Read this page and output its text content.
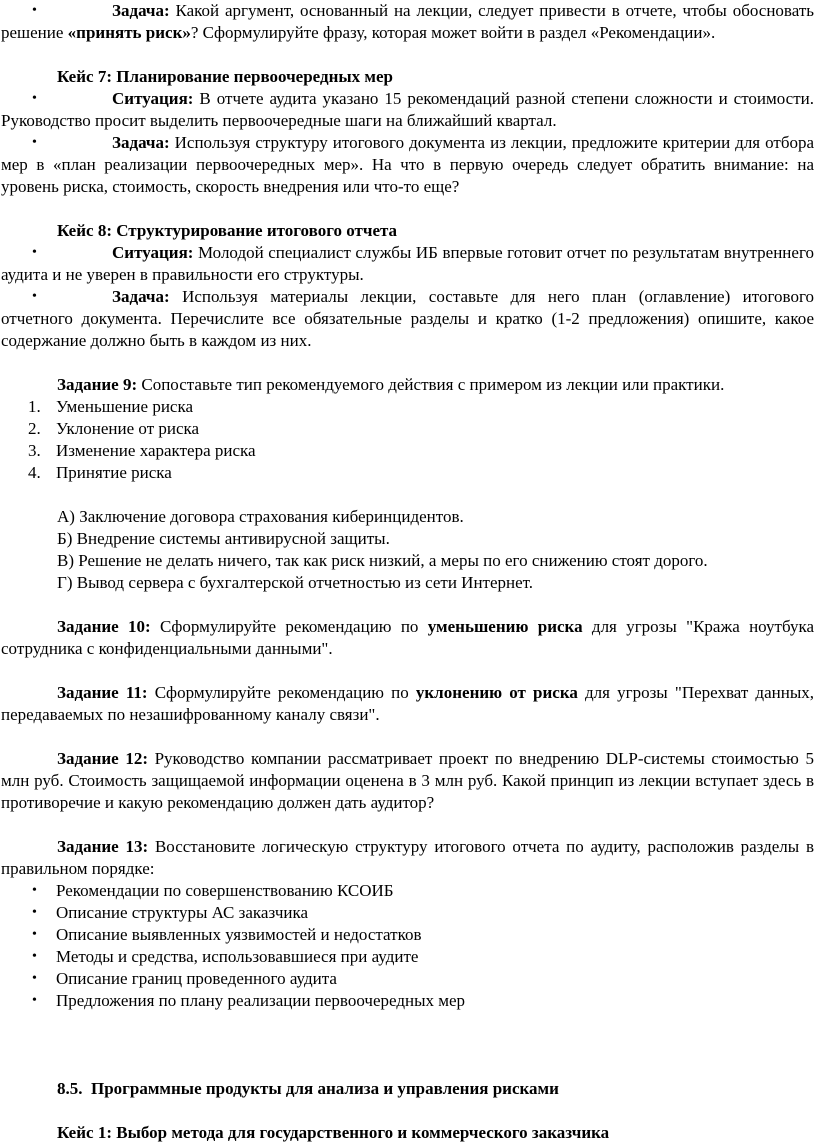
• Задача: Какой аргумент, основанный на лекции, следует привести в отчете, чтобы обосновать решение «принять риск»? Сформулируйте фразу, которая может войти в раздел «Рекомендации».

Кейс 7: Планирование первоочередных мер

• Ситуация: В отчете аудита указано 15 рекомендаций разной степени сложности и стоимости. Руководство просит выделить первоочередные шаги на ближайший квартал.

• Задача: Используя структуру итогового документа из лекции, предложите критерии для отбора мер в «план реализации первоочередных мер». На что в первую очередь следует обратить внимание: на уровень риска, стоимость, скорость внедрения или что-то еще?

Кейс 8: Структурирование итогового отчета

• Ситуация: Молодой специалист службы ИБ впервые готовит отчет по результатам внутреннего аудита и не уверен в правильности его структуры.

• Задача: Используя материалы лекции, составьте для него план (оглавление) итогового отчетного документа. Перечислите все обязательные разделы и кратко (1-2 предложения) опишите, какое содержание должно быть в каждом из них.

Задание 9: Сопоставьте тип рекомендуемого действия с примером из лекции или практики.

1. Уменьшение риска

2. Уклонение от риска

3. Изменение характера риска

4. Принятие риска

А) Заключение договора страхования киберинцидентов.

Б) Внедрение системы антивирусной защиты.

В) Решение не делать ничего, так как риск низкий, а меры по его снижению стоят дорого.

Г) Вывод сервера с бухгалтерской отчетностью из сети Интернет.

Задание 10: Сформулируйте рекомендацию по уменьшению риска для угрозы "Кража ноутбука сотрудника с конфиденциальными данными".

Задание 11: Сформулируйте рекомендацию по уклонению от риска для угрозы "Перехват данных, передаваемых по незашифрованному каналу связи".

Задание 12: Руководство компании рассматривает проект по внедрению DLP-системы стоимостью 5 млн руб. Стоимость защищаемой информации оценена в 3 млн руб. Какой принцип из лекции вступает здесь в противоречие и какую рекомендацию должен дать аудитор?

Задание 13: Восстановите логическую структуру итогового отчета по аудиту, расположив разделы в правильном порядке:

• Рекомендации по совершенствованию КСОИБ

• Описание структуры АС заказчика

• Описание выявленных уязвимостей и недостатков

• Методы и средства, использовавшиеся при аудите

• Описание границ проведенного аудита

• Предложения по плану реализации первоочередных мер

8.5.  Программные продукты для анализа и управления рисками

Кейс 1: Выбор метода для государственного и коммерческого заказчика
